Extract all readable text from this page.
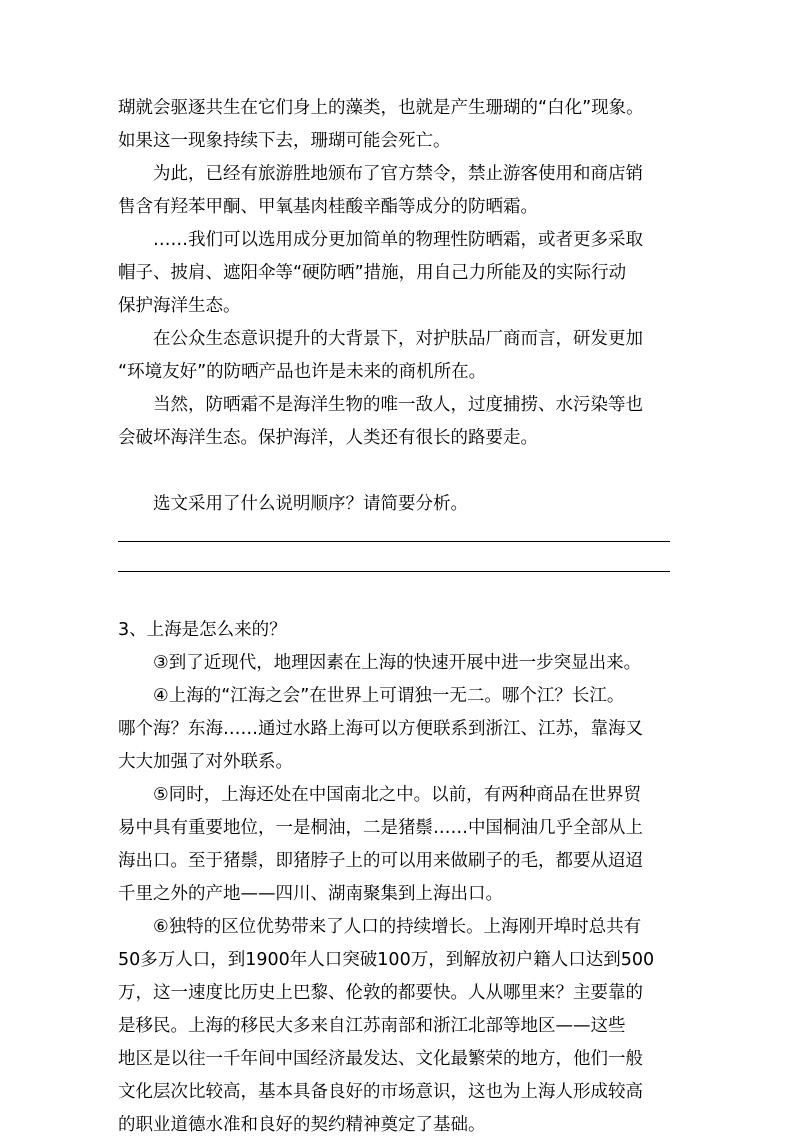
瑚就会驱逐共生在它们身上的藻类，也就是产生珊瑚的“白化”现象。
如果这一现象持续下去，珊瑚可能会死亡。
为此，已经有旅游胜地颁布了官方禁令，禁止游客使用和商店销
售含有羟苯甲酮、甲氧基肉桂酸辛酯等成分的防晒霜。
……我们可以选用成分更加简单的物理性防晒霜，或者更多采取
帽子、披肩、遮阳伞等“硬防晒”措施，用自己力所能及的实际行动
保护海洋生态。
在公众生态意识提升的大背景下，对护肤品厂商而言，研发更加
“环境友好”的防晒产品也许是未来的商机所在。
当然，防晒霜不是海洋生物的唯一敌人，过度捕捞、水污染等也
会破坏海洋生态。保护海洋，人类还有很长的路要走。
选文采用了什么说明顺序？请简要分析。
3、上海是怎么来的？
③到了近现代，地理因素在上海的快速开展中进一步突显出来。
④上海的“江海之会”在世界上可谓独一无二。哪个江？长江。
哪个海？东海……通过水路上海可以方便联系到浙江、江苏，靠海又
大大加强了对外联系。
⑤同时，上海还处在中国南北之中。以前，有两种商品在世界贸
易中具有重要地位，一是桐油，二是猪鬃……中国桐油几乎全部从上
海出口。至于猪鬃，即猪脖子上的可以用来做刷子的毛，都要从迢迢
千里之外的产地——四川、湖南聚集到上海出口。
⑥独特的区位优势带来了人口的持续增长。上海刚开埠时总共有
50多万人口，到1900年人口突破100万，到解放初户籍人口达到500
万，这一速度比历史上巴黎、伦敦的都要快。人从哪里来？主要靠的
是移民。上海的移民大多来自江苏南部和浙江北部等地区——这些
地区是以往一千年间中国经济最发达、文化最繁荣的地方，他们一般
文化层次比较高，基本具备良好的市场意识，这也为上海人形成较高
的职业道德水准和良好的契约精神奠定了基础。
